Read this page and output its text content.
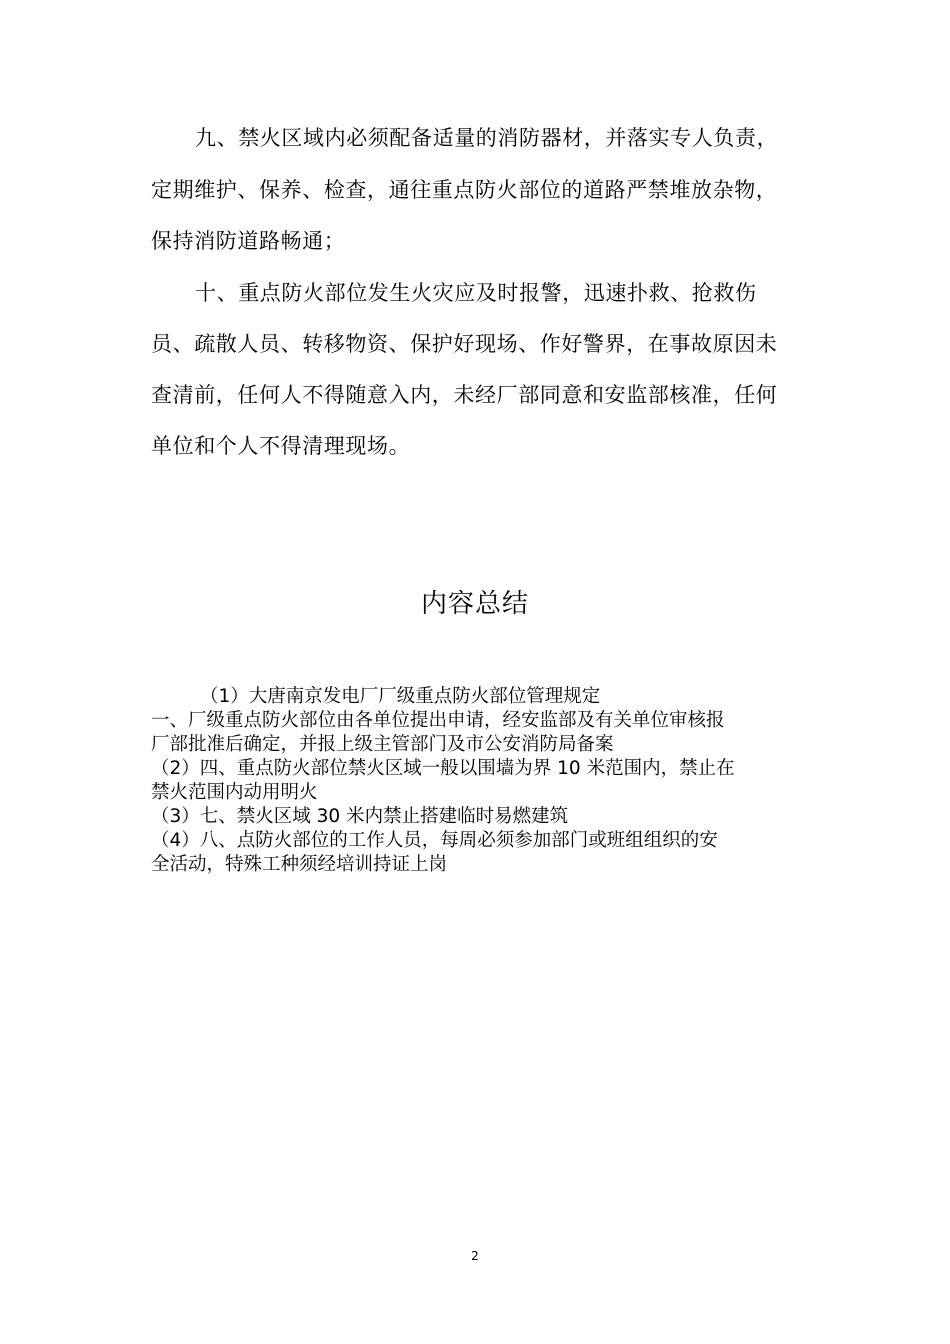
九、禁火区域内必须配备适量的消防器材，并落实专人负责，
定期维护、保养、检查，通往重点防火部位的道路严禁堆放杂物，
保持消防道路畅通；
十、重点防火部位发生火灾应及时报警，迅速扑救、抢救伤
员、疏散人员、转移物资、保护好现场、作好警界，在事故原因未
查清前，任何人不得随意入内，未经厂部同意和安监部核准，任何
单位和个人不得清理现场。
内容总结
（1）大唐南京发电厂厂级重点防火部位管理规定
一、厂级重点防火部位由各单位提出申请，经安监部及有关单位审核报
厂部批准后确定，并报上级主管部门及市公安消防局备案
（2）四、重点防火部位禁火区域一般以围墙为界 10 米范围内，禁止在
禁火范围内动用明火
（3）七、禁火区域 30 米内禁止搭建临时易燃建筑
（4）八、点防火部位的工作人员，每周必须参加部门或班组组织的安
全活动，特殊工种须经培训持证上岗
2
